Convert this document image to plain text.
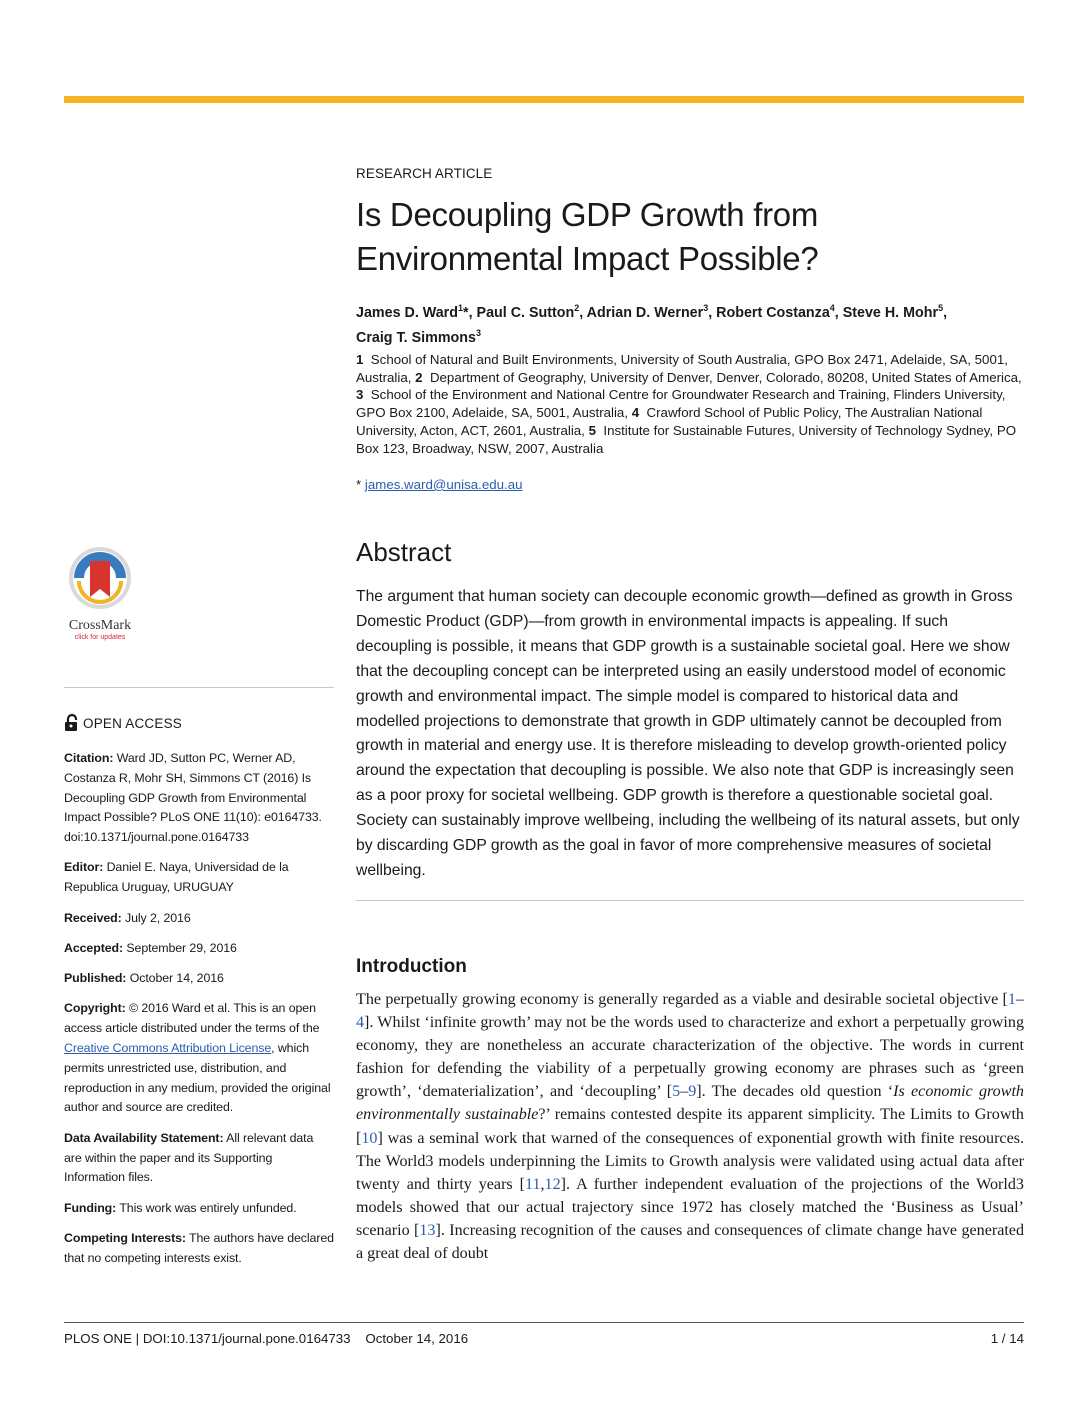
RESEARCH ARTICLE
Is Decoupling GDP Growth from
Environmental Impact Possible?
James D. Ward$^1$*, Paul C. Sutton$^2$, Adrian D. Werner$^3$, Robert Costanza$^4$, Steve H. Mohr$^5$,
Craig T. Simmons$^3$
1 School of Natural and Built Environments, University of South Australia, GPO Box 2471, Adelaide, SA, 5001, Australia, 2 Department of Geography, University of Denver, Denver, Colorado, 80208, United States of America, 3 School of the Environment and National Centre for Groundwater Research and Training, Flinders University, GPO Box 2100, Adelaide, SA, 5001, Australia, 4 Crawford School of Public Policy, The Australian National University, Acton, ACT, 2601, Australia, 5 Institute for Sustainable Futures, University of Technology Sydney, PO Box 123, Broadway, NSW, 2007, Australia
* james.ward@unisa.edu.au
Abstract

The argument that human society can decouple economic growth—defined as growth in Gross Domestic Product (GDP)—from growth in environmental impacts is appealing. If such decoupling is possible, it means that GDP growth is a sustainable societal goal. Here we show that the decoupling concept can be interpreted using an easily understood model of economic growth and environmental impact. The simple model is compared to historical data and modelled projections to demonstrate that growth in GDP ultimately cannot be decoupled from growth in material and energy use. It is therefore misleading to develop growth-oriented policy around the expectation that decoupling is possible. We also note that GDP is increasingly seen as a poor proxy for societal wellbeing. GDP growth is therefore a questionable societal goal. Society can sustainably improve wellbeing, including the wellbeing of its natural assets, but only by discarding GDP growth as the goal in favor of more comprehensive measures of societal wellbeing.

Introduction

The perpetually growing economy is generally regarded as a viable and desirable societal objective [1–4]. Whilst ‘infinite growth’ may not be the words used to characterize and exhort a perpetually growing economy, they are nonetheless an accurate characterization of the objective. The words in current fashion for defending the viability of a perpetually growing economy are phrases such as ‘green growth’, ‘dematerialization’, and ‘decoupling’ [5–9]. The decades old question ‘Is economic growth environmentally sustainable?’ remains contested despite its apparent simplicity. The Limits to Growth [10] was a seminal work that warned of the consequences of exponential growth with finite resources. The World3 models underpinning the Limits to Growth analysis were validated using actual data after twenty and thirty years [11,12]. A further independent evaluation of the projections of the World3 models showed that our actual trajectory since 1972 has closely matched the ‘Business as Usual’ scenario [13]. Increasing recognition of the causes and consequences of climate change have generated a great deal of doubt

CrossMark
click for updates
OPEN ACCESS

Citation: Ward JD, Sutton PC, Werner AD, Costanza R, Mohr SH, Simmons CT (2016) Is Decoupling GDP Growth from Environmental Impact Possible? PLoS ONE 11(10): e0164733. doi:10.1371/journal.pone.0164733

Editor: Daniel E. Naya, Universidad de la Republica Uruguay, URUGUAY

Received: July 2, 2016

Accepted: September 29, 2016

Published: October 14, 2016

Copyright: © 2016 Ward et al. This is an open access article distributed under the terms of the Creative Commons Attribution License, which permits unrestricted use, distribution, and reproduction in any medium, provided the original author and source are credited.

Data Availability Statement: All relevant data are within the paper and its Supporting Information files.

Funding: This work was entirely unfunded.

Competing Interests: The authors have declared that no competing interests exist.

PLOS ONE | DOI:10.1371/journal.pone.0164733 October 14, 2016	1 / 14
